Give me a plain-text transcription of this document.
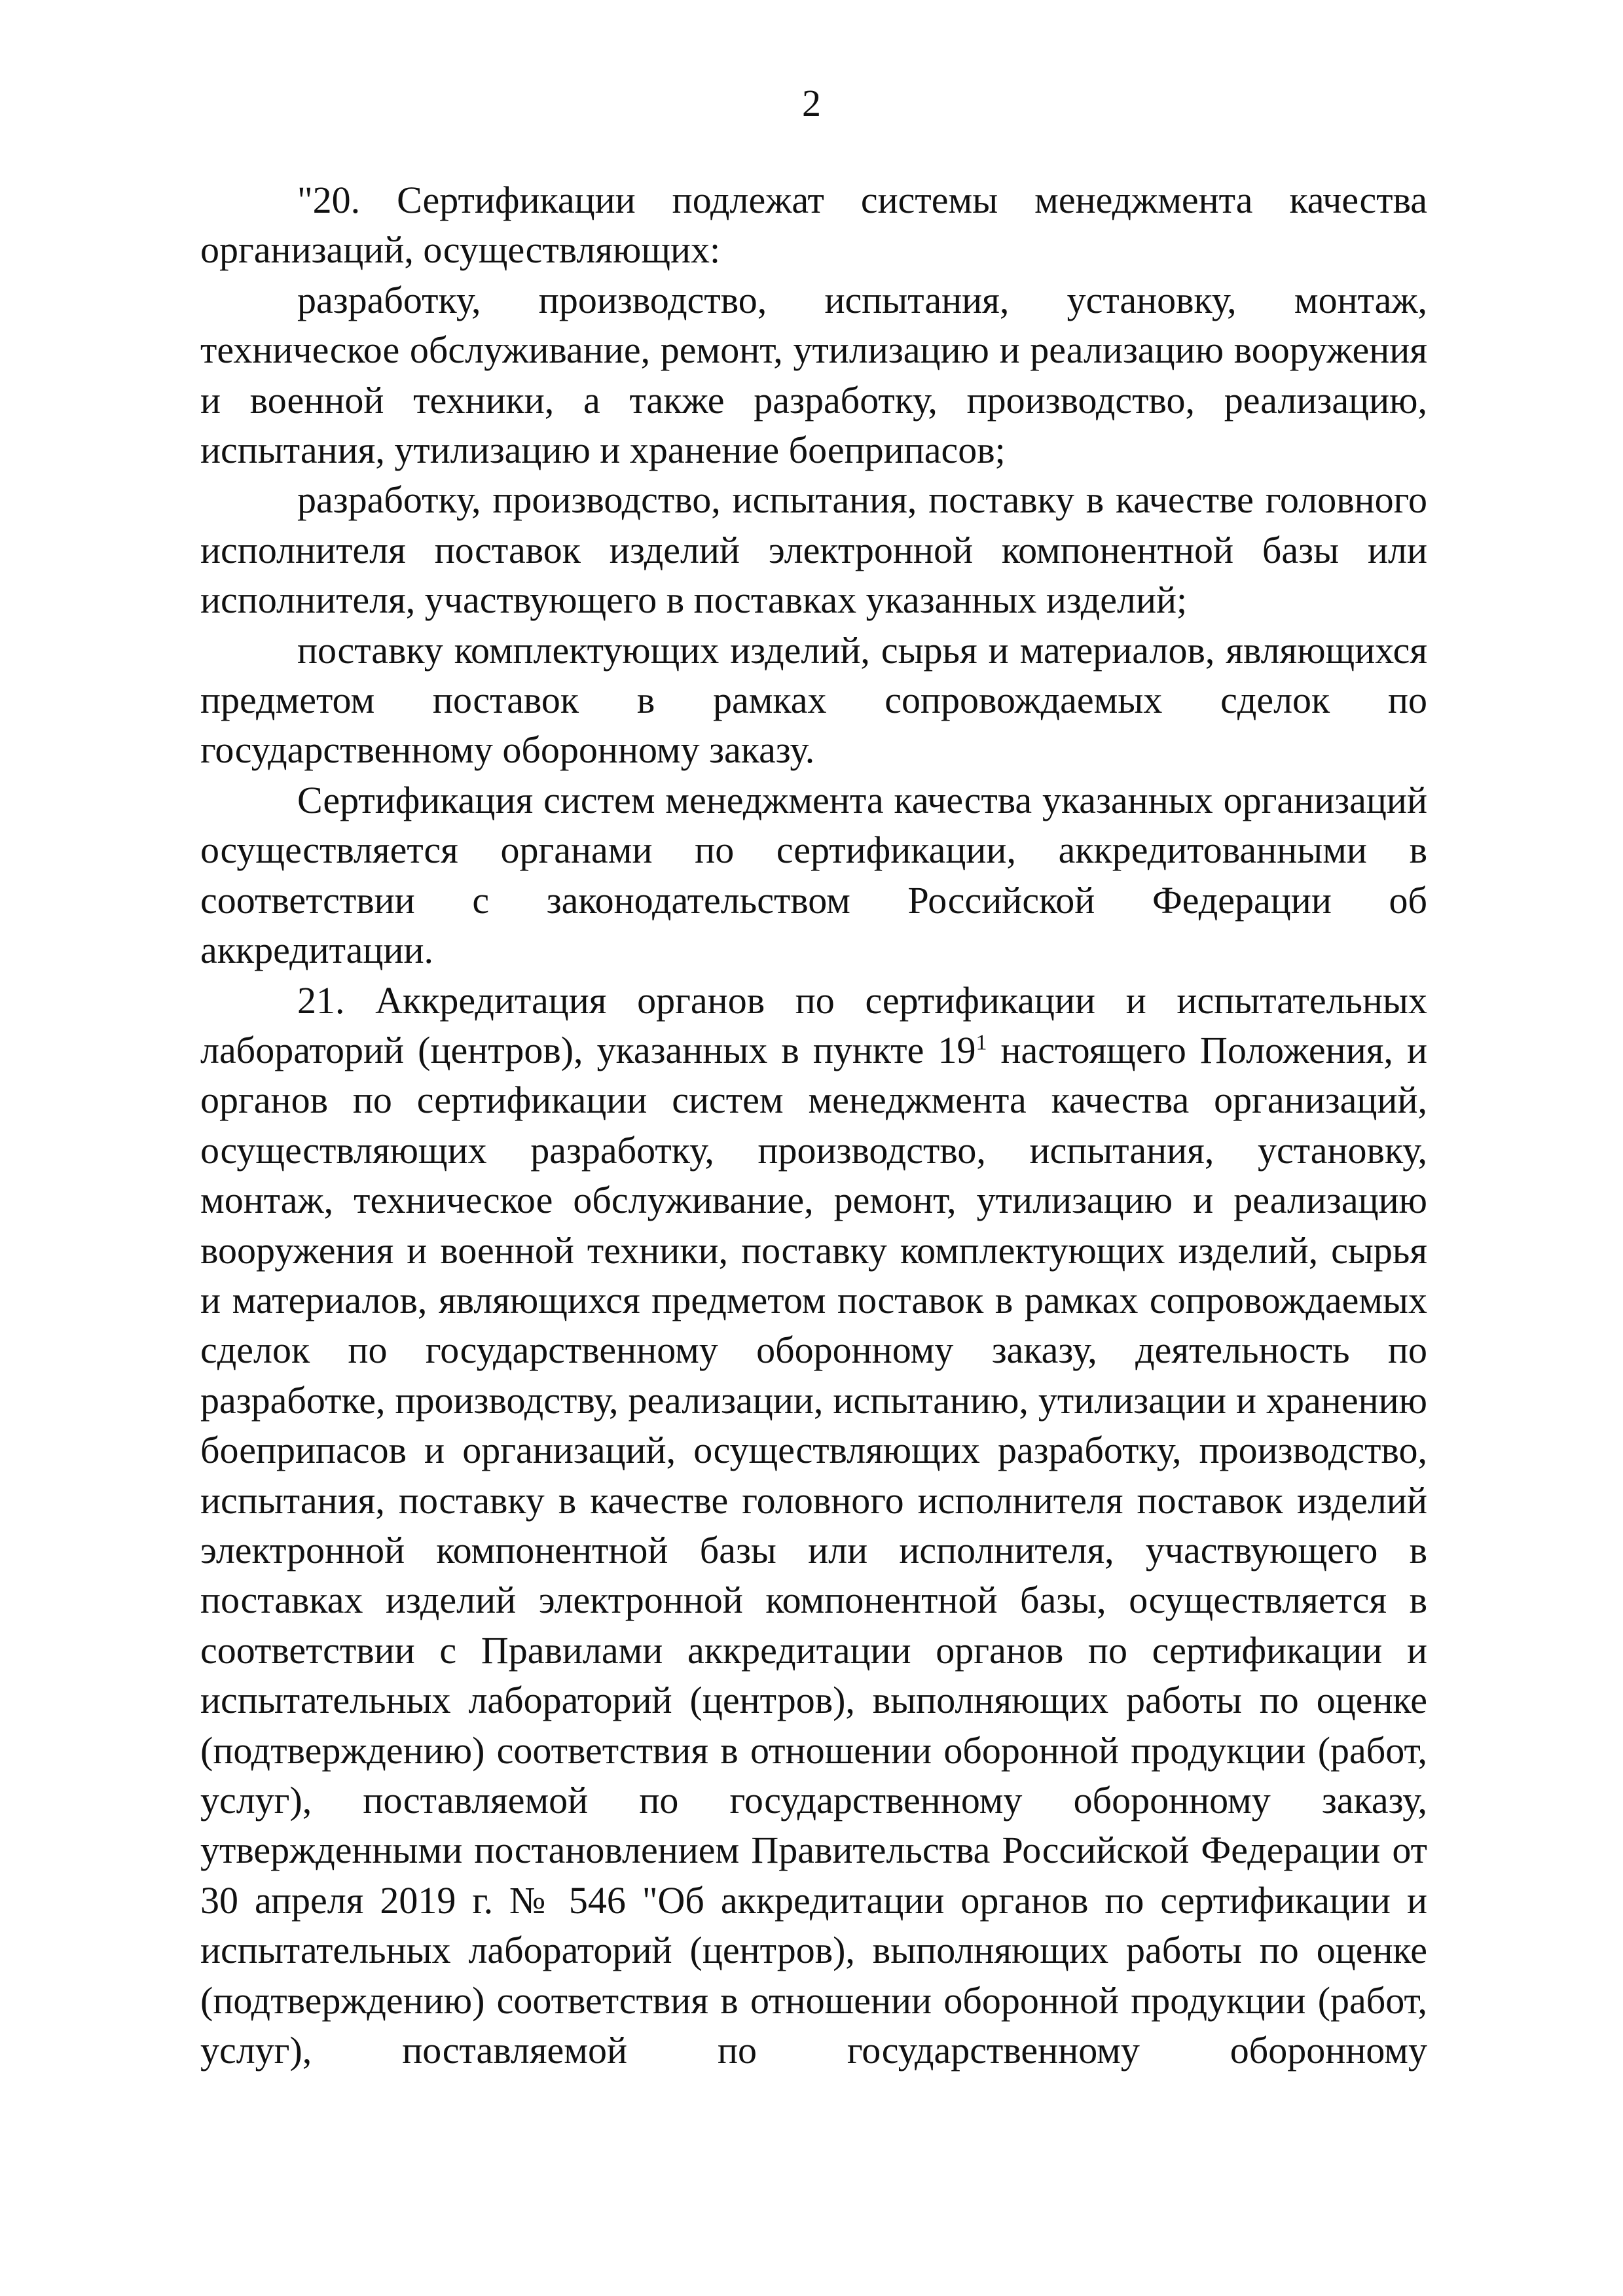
2

"20. Сертификации подлежат системы менеджмента качества организаций, осуществляющих:

разработку, производство, испытания, установку, монтаж, техническое обслуживание, ремонт, утилизацию и реализацию вооружения и военной техники, а также разработку, производство, реализацию, испытания, утилизацию и хранение боеприпасов;

разработку, производство, испытания, поставку в качестве головного исполнителя поставок изделий электронной компонентной базы или исполнителя, участвующего в поставках указанных изделий;

поставку комплектующих изделий, сырья и материалов, являющихся предметом поставок в рамках сопровождаемых сделок по государственному оборонному заказу.

Сертификация систем менеджмента качества указанных организаций осуществляется органами по сертификации, аккредитованными в соответствии с законодательством Российской Федерации об аккредитации.

21. Аккредитация органов по сертификации и испытательных лабораторий (центров), указанных в пункте $19^1$ настоящего Положения, и органов по сертификации систем менеджмента качества организаций, осуществляющих разработку, производство, испытания, установку, монтаж, техническое обслуживание, ремонт, утилизацию и реализацию вооружения и военной техники, поставку комплектующих изделий, сырья и материалов, являющихся предметом поставок в рамках сопровождаемых сделок по государственному оборонному заказу, деятельность по разработке, производству, реализации, испытанию, утилизации и хранению боеприпасов и организаций, осуществляющих разработку, производство, испытания, поставку в качестве головного исполнителя поставок изделий электронной компонентной базы или исполнителя, участвующего в поставках изделий электронной компонентной базы, осуществляется в соответствии с Правилами аккредитации органов по сертификации и испытательных лабораторий (центров), выполняющих работы по оценке (подтверждению) соответствия в отношении оборонной продукции (работ, услуг), поставляемой по государственному оборонному заказу, утвержденными постановлением Правительства Российской Федерации от 30 апреля 2019 г. № 546 "Об аккредитации органов по сертификации и испытательных лабораторий (центров), выполняющих работы по оценке (подтверждению) соответствия в отношении оборонной продукции (работ, услуг), поставляемой по государственному оборонному
